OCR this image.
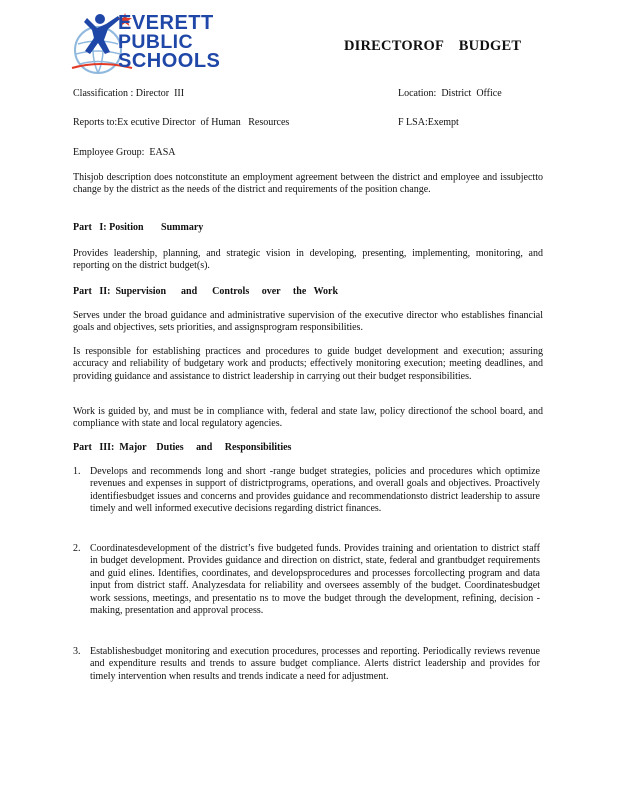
EVERETT
PUBLIC
SCHOOLS
DIRECTOROF    BUDGET
Classification : Director  III	Location:  District  Office
Reports to:Ex ecutive Director  of Human   Resources	F LSA:Exempt
Employee Group:  EASA
Thisjob description does notconstitute an employment agreement between the district and employee and issubjectto change by the district as the needs of the district and requirements of the position change.
Part   I: Position       Summary
Provides leadership, planning, and strategic vision in developing, presenting, implementing, monitoring, and reporting on the district budget(s).
Part   II:  Supervision      and      Controls     over     the   Work
Serves under the broad guidance and administrative supervision of the executive director who establishes financial goals and objectives, sets priorities, and assignsprogram responsibilities.
Is responsible for establishing practices and procedures to guide budget development and execution; assuring accuracy and reliability of budgetary work and products; effectively monitoring execution; meeting deadlines, and providing guidance and assistance to district leadership in carrying out their budget responsibilities.
Work is guided by, and must be in compliance with, federal and state law, policy directionof the school board, and compliance with state and local regulatory agencies.
Part   III:  Major    Duties     and     Responsibilities
1. Develops and recommends long and short -range budget strategies, policies and procedures which optimize revenues and expenses in support of districtprograms, operations, and overall goals and objectives. Proactively identifiesbudget issues and concerns and provides guidance and recommendationsto district leadership to assure timely and well informed executive decisions regarding district finances.
2. Coordinatesdevelopment of the district’s five budgeted funds. Provides training and orientation to district staff in budget development. Provides guidance and direction on district, state, federal and grantbudget requirements and guid elines. Identifies, coordinates, and developsprocedures and processes forcollecting program and data input from district staff. Analyzesdata for reliability and oversees assembly of the budget. Coordinatesbudget work sessions, meetings, and presentatio ns to move the budget through the development, refining, decision -making, presentation and approval process.
3. Establishesbudget monitoring and execution procedures, processes and reporting. Periodically reviews revenue and expenditure results and trends to assure budget compliance. Alerts district leadership and provides for timely intervention when results and trends indicate a need for adjustment.
